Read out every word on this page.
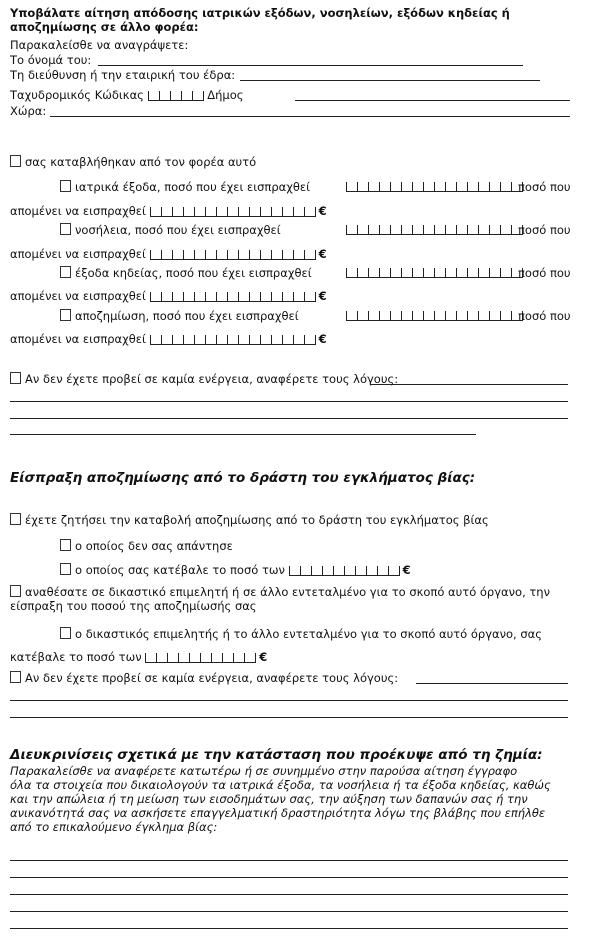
Υποβάλατε αίτηση απόδοσης ιατρικών εξόδων, νοσηλείων, εξόδων κηδείας ή
αποζημίωσης σε άλλο φορέα:
Παρακαλείσθε να αναγράψετε:
Το όνομά του:
Τη διεύθυνση ή την εταιρική του έδρα:
Ταχυδρομικός Κώδικας	Δήμος
Χώρα:
σας καταβλήθηκαν από τον φορέα αυτό
ιατρικά έξοδα, ποσό που έχει εισπραχθεί	ποσό που
απομένει να εισπραχθεί	€
νοσήλεια, ποσό που έχει εισπραχθεί	ποσό που
απομένει να εισπραχθεί	€
έξοδα κηδείας, ποσό που έχει εισπραχθεί	ποσό που
απομένει να εισπραχθεί	€
αποζημίωση, ποσό που έχει εισπραχθεί	ποσό που
απομένει να εισπραχθεί	€
Αν δεν έχετε προβεί σε καμία ενέργεια, αναφέρετε τους λόγους:
Είσπραξη αποζημίωσης από το δράστη του εγκλήματος βίας:
έχετε ζητήσει την καταβολή αποζημίωσης από το δράστη του εγκλήματος βίας
ο οποίος δεν σας απάντησε
ο οποίος σας κατέβαλε το ποσό των	€
αναθέσατε σε δικαστικό επιμελητή ή σε άλλο εντεταλμένο για το σκοπό αυτό όργανο, την
είσπραξη του ποσού της αποζημίωσής σας
ο δικαστικός επιμελητής ή το άλλο εντεταλμένο για το σκοπό αυτό όργανο, σας
κατέβαλε το ποσό των	€
Αν δεν έχετε προβεί σε καμία ενέργεια, αναφέρετε τους λόγους:
Διευκρινίσεις σχετικά με την κατάσταση που προέκυψε από τη ζημία:
Παρακαλείσθε να αναφέρετε κατωτέρω ή σε συνημμένο στην παρούσα αίτηση έγγραφο
όλα τα στοιχεία που δικαιολογούν τα ιατρικά έξοδα, τα νοσήλεια ή τα έξοδα κηδείας, καθώς
και την απώλεια ή τη μείωση των εισοδημάτων σας, την αύξηση των δαπανών σας ή την
ανικανότητά σας να ασκήσετε επαγγελματική δραστηριότητα λόγω της βλάβης που επήλθε
από το επικαλούμενο έγκλημα βίας:
